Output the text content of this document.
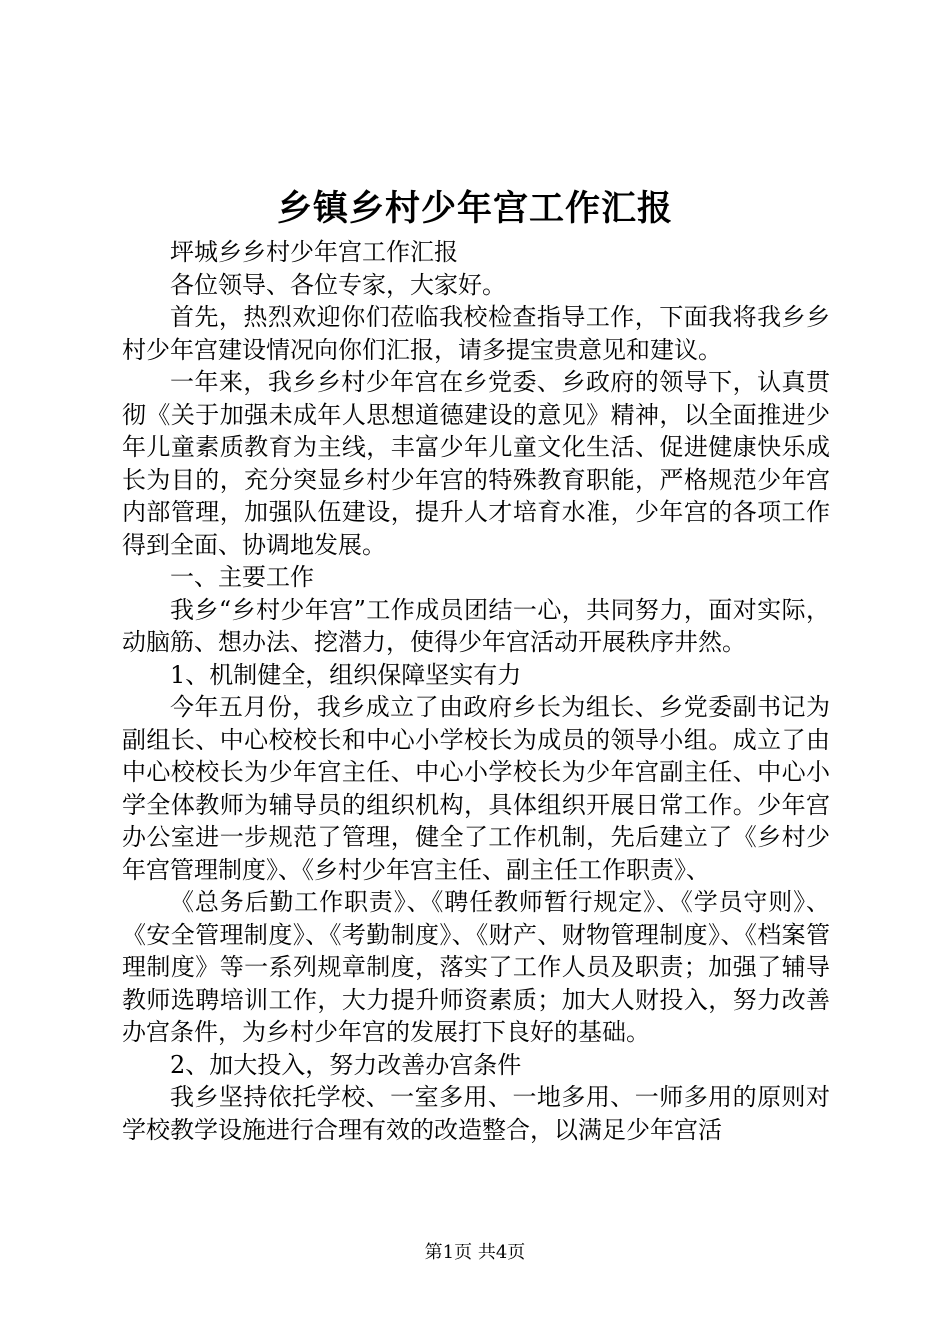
乡镇乡村少年宫工作汇报

坪城乡乡村少年宫工作汇报

各位领导、各位专家，大家好。

首先，热烈欢迎你们莅临我校检查指导工作，下面我将我乡乡村少年宫建设情况向你们汇报，请多提宝贵意见和建议。

一年来，我乡乡村少年宫在乡党委、乡政府的领导下，认真贯彻《关于加强未成年人思想道德建设的意见》精神，以全面推进少年儿童素质教育为主线，丰富少年儿童文化生活、促进健康快乐成长为目的，充分突显乡村少年宫的特殊教育职能，严格规范少年宫内部管理，加强队伍建设，提升人才培育水准，少年宫的各项工作得到全面、协调地发展。

一、主要工作

我乡“乡村少年宫”工作成员团结一心，共同努力，面对实际，动脑筋、想办法、挖潜力，使得少年宫活动开展秩序井然。

1、机制健全，组织保障坚实有力

今年五月份，我乡成立了由政府乡长为组长、乡党委副书记为副组长、中心校校长和中心小学校长为成员的领导小组。成立了由中心校校长为少年宫主任、中心小学校长为少年宫副主任、中心小学全体教师为辅导员的组织机构，具体组织开展日常工作。少年宫办公室进一步规范了管理，健全了工作机制，先后建立了《乡村少年宫管理制度》、《乡村少年宫主任、副主任工作职责》、

《总务后勤工作职责》、《聘任教师暂行规定》、《学员守则》、《安全管理制度》、《考勤制度》、《财产、财物管理制度》、《档案管理制度》等一系列规章制度，落实了工作人员及职责；加强了辅导教师选聘培训工作，大力提升师资素质；加大人财投入，努力改善办宫条件，为乡村少年宫的发展打下良好的基础。

2、加大投入，努力改善办宫条件

我乡坚持依托学校、一室多用、一地多用、一师多用的原则对学校教学设施进行合理有效的改造整合，以满足少年宫活

第1页 共4页
